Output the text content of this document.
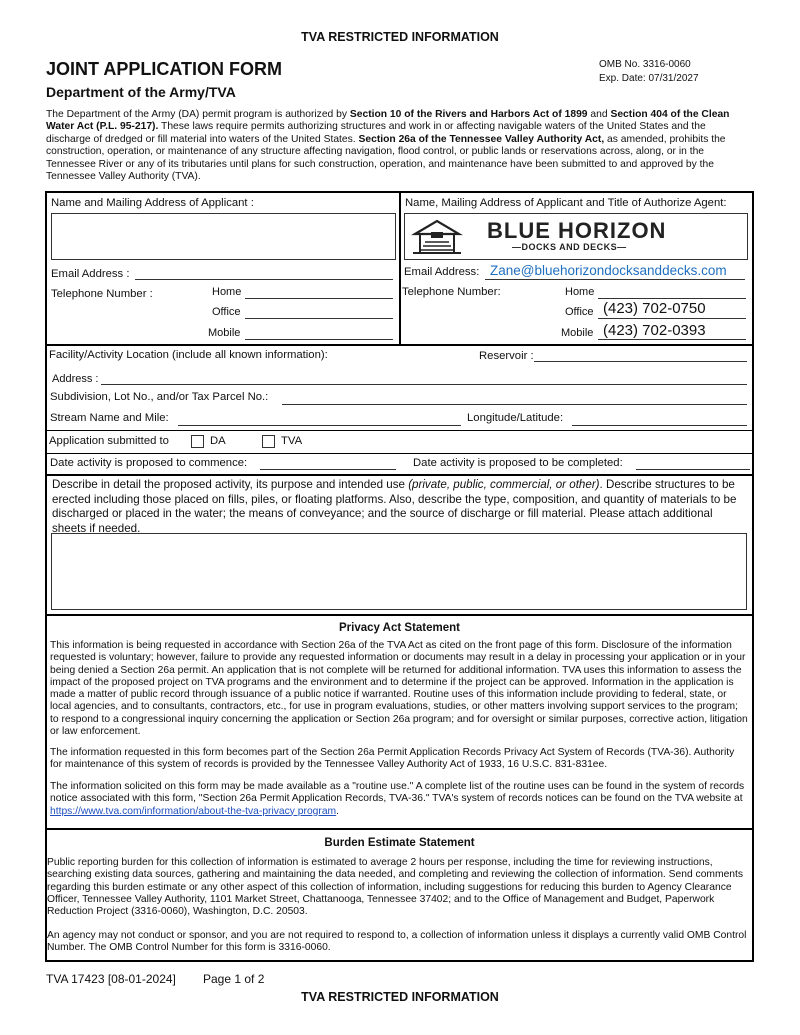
TVA RESTRICTED INFORMATION
JOINT APPLICATION FORM
Department of the Army/TVA
OMB No. 3316-0060
Exp. Date: 07/31/2027
The Department of the Army (DA) permit program is authorized by Section 10 of the Rivers and Harbors Act of 1899 and Section 404 of the Clean Water Act (P.L. 95-217). These laws require permits authorizing structures and work in or affecting navigable waters of the United States and the discharge of dredged or fill material into waters of the United States. Section 26a of the Tennessee Valley Authority Act, as amended, prohibits the construction, operation, or maintenance of any structure affecting navigation, flood control, or public lands or reservations across, along, or in the Tennessee River or any of its tributaries until plans for such construction, operation, and maintenance have been submitted to and approved by the Tennessee Valley Authority (TVA).
Name and Mailing Address of Applicant :
Email Address :
Telephone Number :	Home
Office
Mobile
Name, Mailing Address of Applicant and Title of Authorize Agent:
BLUE HORIZON
—DOCKS AND DECKS—
Email Address: Zane@bluehorizondocksanddecks.com
Telephone Number:	Home
Office (423) 702-0750
Mobile (423) 702-0393
Facility/Activity Location (include all known information):	Reservoir :
Address :
Subdivision, Lot No., and/or Tax Parcel No.:
Stream Name and Mile:	Longitude/Latitude:
Application submitted to	DA	TVA
Date activity is proposed to commence:	Date activity is proposed to be completed:
Describe in detail the proposed activity, its purpose and intended use (private, public, commercial, or other). Describe structures to be erected including those placed on fills, piles, or floating platforms. Also, describe the type, composition, and quantity of materials to be discharged or placed in the water; the means of conveyance; and the source of discharge or fill material. Please attach additional sheets if needed.
Privacy Act Statement
This information is being requested in accordance with Section 26a of the TVA Act as cited on the front page of this form. Disclosure of the information requested is voluntary; however, failure to provide any requested information or documents may result in a delay in processing your application or in your being denied a Section 26a permit. An application that is not complete will be returned for additional information. TVA uses this information to assess the impact of the proposed project on TVA programs and the environment and to determine if the project can be approved. Information in the application is made a matter of public record through issuance of a public notice if warranted. Routine uses of this information include providing to federal, state, or local agencies, and to consultants, contractors, etc., for use in program evaluations, studies, or other matters involving support services to the program; to respond to a congressional inquiry concerning the application or Section 26a program; and for oversight or similar purposes, corrective action, litigation or law enforcement.
The information requested in this form becomes part of the Section 26a Permit Application Records Privacy Act System of Records (TVA-36). Authority for maintenance of this system of records is provided by the Tennessee Valley Authority Act of 1933, 16 U.S.C. 831-831ee.
The information solicited on this form may be made available as a "routine use." A complete list of the routine uses can be found in the system of records notice associated with this form, "Section 26a Permit Application Records, TVA-36." TVA's system of records notices can be found on the TVA website at https://www.tva.com/information/about-the-tva-privacy program.
Burden Estimate Statement
Public reporting burden for this collection of information is estimated to average 2 hours per response, including the time for reviewing instructions, searching existing data sources, gathering and maintaining the data needed, and completing and reviewing the collection of information. Send comments regarding this burden estimate or any other aspect of this collection of information, including suggestions for reducing this burden to Agency Clearance Officer, Tennessee Valley Authority, 1101 Market Street, Chattanooga, Tennessee 37402; and to the Office of Management and Budget, Paperwork Reduction Project (3316-0060), Washington, D.C. 20503.
An agency may not conduct or sponsor, and you are not required to respond to, a collection of information unless it displays a currently valid OMB Control Number. The OMB Control Number for this form is 3316-0060.
TVA 17423 [08-01-2024] Page 1 of 2
TVA RESTRICTED INFORMATION
